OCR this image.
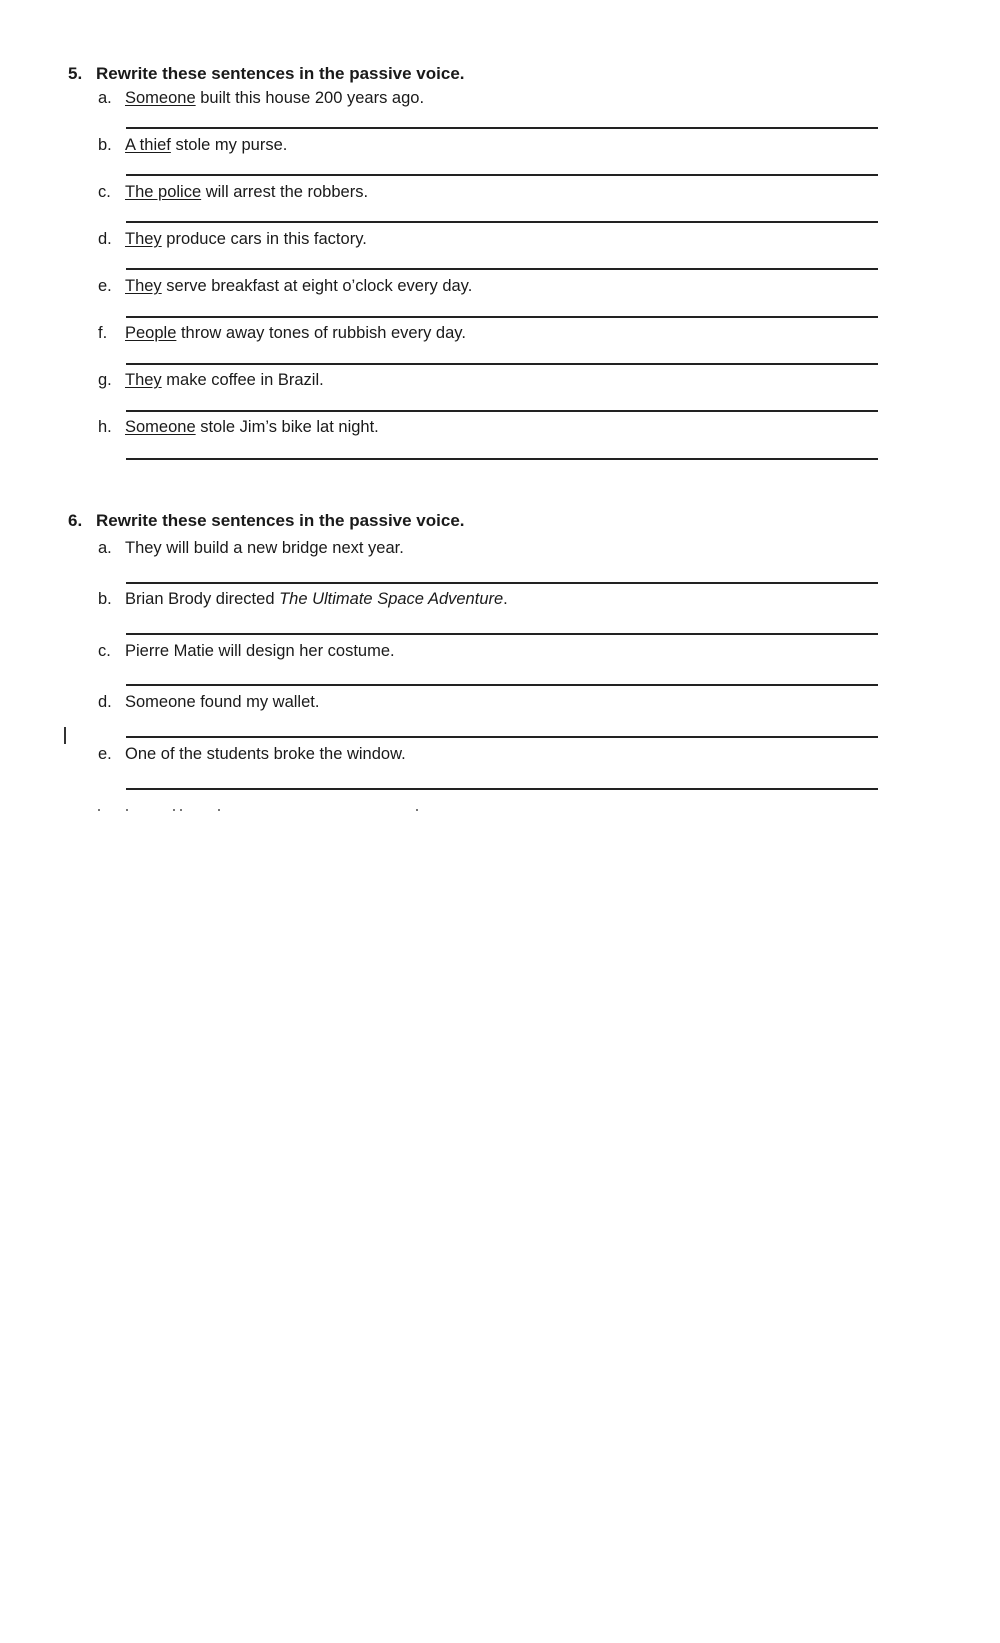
5. Rewrite these sentences in the passive voice.
a. Someone built this house 200 years ago.
b. A thief stole my purse.
c. The police will arrest the robbers.
d. They produce cars in this factory.
e. They serve breakfast at eight o’clock every day.
f. People throw away tones of rubbish every day.
g. They make coffee in Brazil.
h. Someone stole Jim’s bike lat night.
6. Rewrite these sentences in the passive voice.
a. They will build a new bridge next year.
b. Brian Brody directed The Ultimate Space Adventure.
c. Pierre Matie will design her costume.
d. Someone found my wallet.
e. One of the students broke the window.
